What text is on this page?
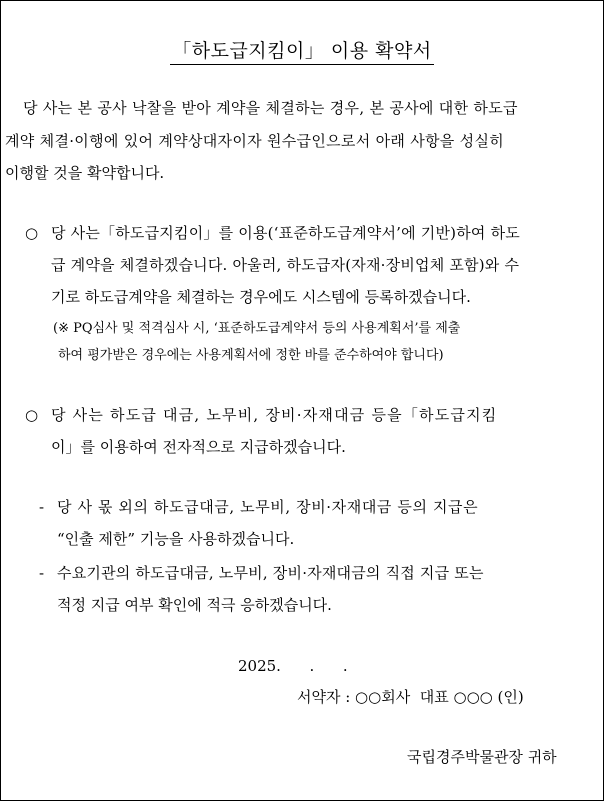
「하도급지킴이」 이용 확약서
당 사는 본 공사 낙찰을 받아 계약을 체결하는 경우, 본 공사에 대한 하도급
계약 체결·이행에 있어 계약상대자이자 원수급인으로서 아래 사항을 성실히
이행할 것을 확약합니다.
○ 당 사는「하도급지킴이」를 이용(‘표준하도급계약서’에 기반)하여 하도
급 계약을 체결하겠습니다. 아울러, 하도급자(자재·장비업체 포함)와 수
기로 하도급계약을 체결하는 경우에도 시스템에 등록하겠습니다.
(※ PQ심사 및 적격심사 시, ‘표준하도급계약서 등의 사용계획서’를 제출
하여 평가받은 경우에는 사용계획서에 정한 바를 준수하여야 합니다)
○ 당 사는 하도급 대금, 노무비, 장비·자재대금 등을「하도급지킴
이」를 이용하여 전자적으로 지급하겠습니다.
- 당 사 몫 외의 하도급대금, 노무비, 장비·자재대금 등의 지급은
“인출 제한” 기능을 사용하겠습니다.
- 수요기관의 하도급대금, 노무비, 장비·자재대금의 직접 지급 또는
적정 지급 여부 확인에 적극 응하겠습니다.
2025.      .      .
서약자 : ○○회사  대표 ○○○ (인)
국립경주박물관장 귀하
